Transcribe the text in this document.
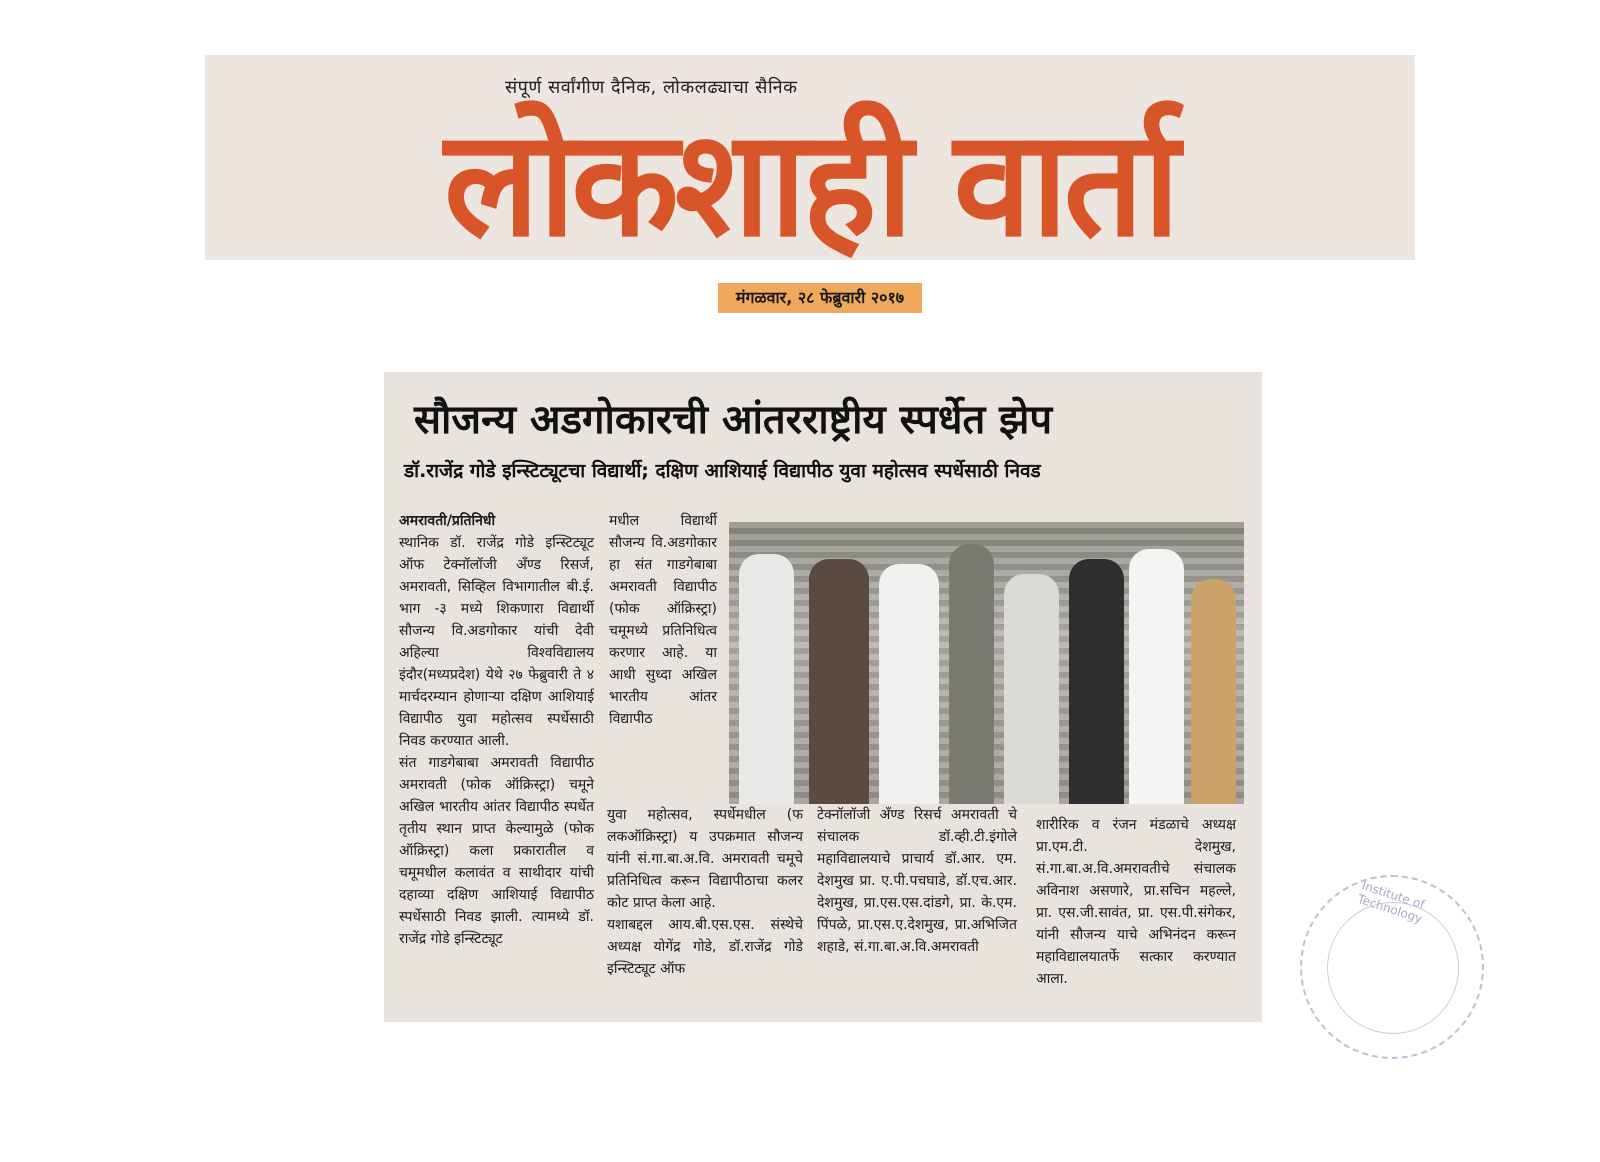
संपूर्ण सर्वांगीण दैनिक, लोकलढ्याचा सैनिक
लोकशाही वार्ता
मंगळवार, २८ फेब्रुवारी २०१७
सौजन्य अडगोकारची आंतरराष्ट्रीय स्पर्धेत झेप
डॉ.राजेंद्र गोडे इन्स्टिट्यूटचा विद्यार्थी; दक्षिण आशियाई विद्यापीठ युवा महोत्सव स्पर्धेसाठी निवड

अमरावती/प्रतिनिधी

स्थानिक डॉ. राजेंद्र गोडे इन्स्टिट्यूट ऑफ टेक्नॉलॉजी अँण्ड रिसर्ज, अमरावती, सिव्हिल विभागातील बी.ई. भाग -३ मध्ये शिकणारा विद्यार्थी सौजन्य वि.अडगोकार यांची देवी अहिल्या विश्वविद्यालय इंदौर(मध्यप्रदेश) येथे २७ फेब्रुवारी ते ४ मार्चदरम्यान होणाऱ्या दक्षिण आशियाई विद्यापीठ युवा महोत्सव स्पर्धेसाठी निवड करण्यात आली.

संत गाडगेबाबा अमरावती विद्यापीठ अमरावती (फोक ऑक्रिस्ट्रा) चमूने अखिल भारतीय आंतर विद्यापीठ स्पर्धेत तृतीय स्थान प्राप्त केल्यामुळे (फोक ऑक्रिस्ट्रा) कला प्रकारातील व चमूमधील कलावंत व साथीदार यांची दहाव्या दक्षिण आशियाई विद्यापीठ स्पर्धेसाठी निवड झाली. त्यामध्ये डॉ. राजेंद्र गोडे इन्स्टिट्यूट

मधील विद्यार्थी सौजन्य वि.अडगोकार हा संत गाडगेबाबा अमरावती विद्यापीठ (फोक ऑक्रिस्ट्रा) चमूमध्ये प्रतिनिधित्व करणार आहे. या आधी सुध्दा अखिल भारतीय आंतर विद्यापीठ

युवा महोत्सव, स्पर्धेमधील (फ लकऑक्रिस्ट्रा) य उपक्रमात सौजन्य यांनी सं.गा.बा.अ.वि. अमरावती चमूचे प्रतिनिधित्व करून विद्यापीठाचा कलर कोट प्राप्त केला आहे.

यशाबद्दल आय.बी.एस.एस. संस्थेचे अध्यक्ष योगेंद्र गोडे, डॉ.राजेंद्र गोडे इन्स्टिट्यूट ऑफ

टेक्नॉलॉजी अँण्ड रिसर्च अमरावती चे संचालक डॉ.व्ही.टी.इंगोले महाविद्यालयाचे प्राचार्य डॉ.आर. एम. देशमुख प्रा. ए.पी.पचघाडे, डॉ.एच.आर. देशमुख, प्रा.एस.एस.दांडगे, प्रा. के.एम. पिंपळे, प्रा.एस.ए.देशमुख, प्रा.अभिजित शहाडे, सं.गा.बा.अ.वि.अमरावती

शारीरिक व रंजन मंडळाचे अध्यक्ष प्रा.एम.टी. देशमुख, सं.गा.बा.अ.वि.अमरावतीचे संचालक अविनाश असणारे, प्रा.सचिन महल्ले, प्रा. एस.जी.सावंत, प्रा. एस.पी.संगेकर, यांनी सौजन्य याचे अभिनंदन करून महाविद्यालयातर्फे सत्कार करण्यात आला.

Institute of Technology
